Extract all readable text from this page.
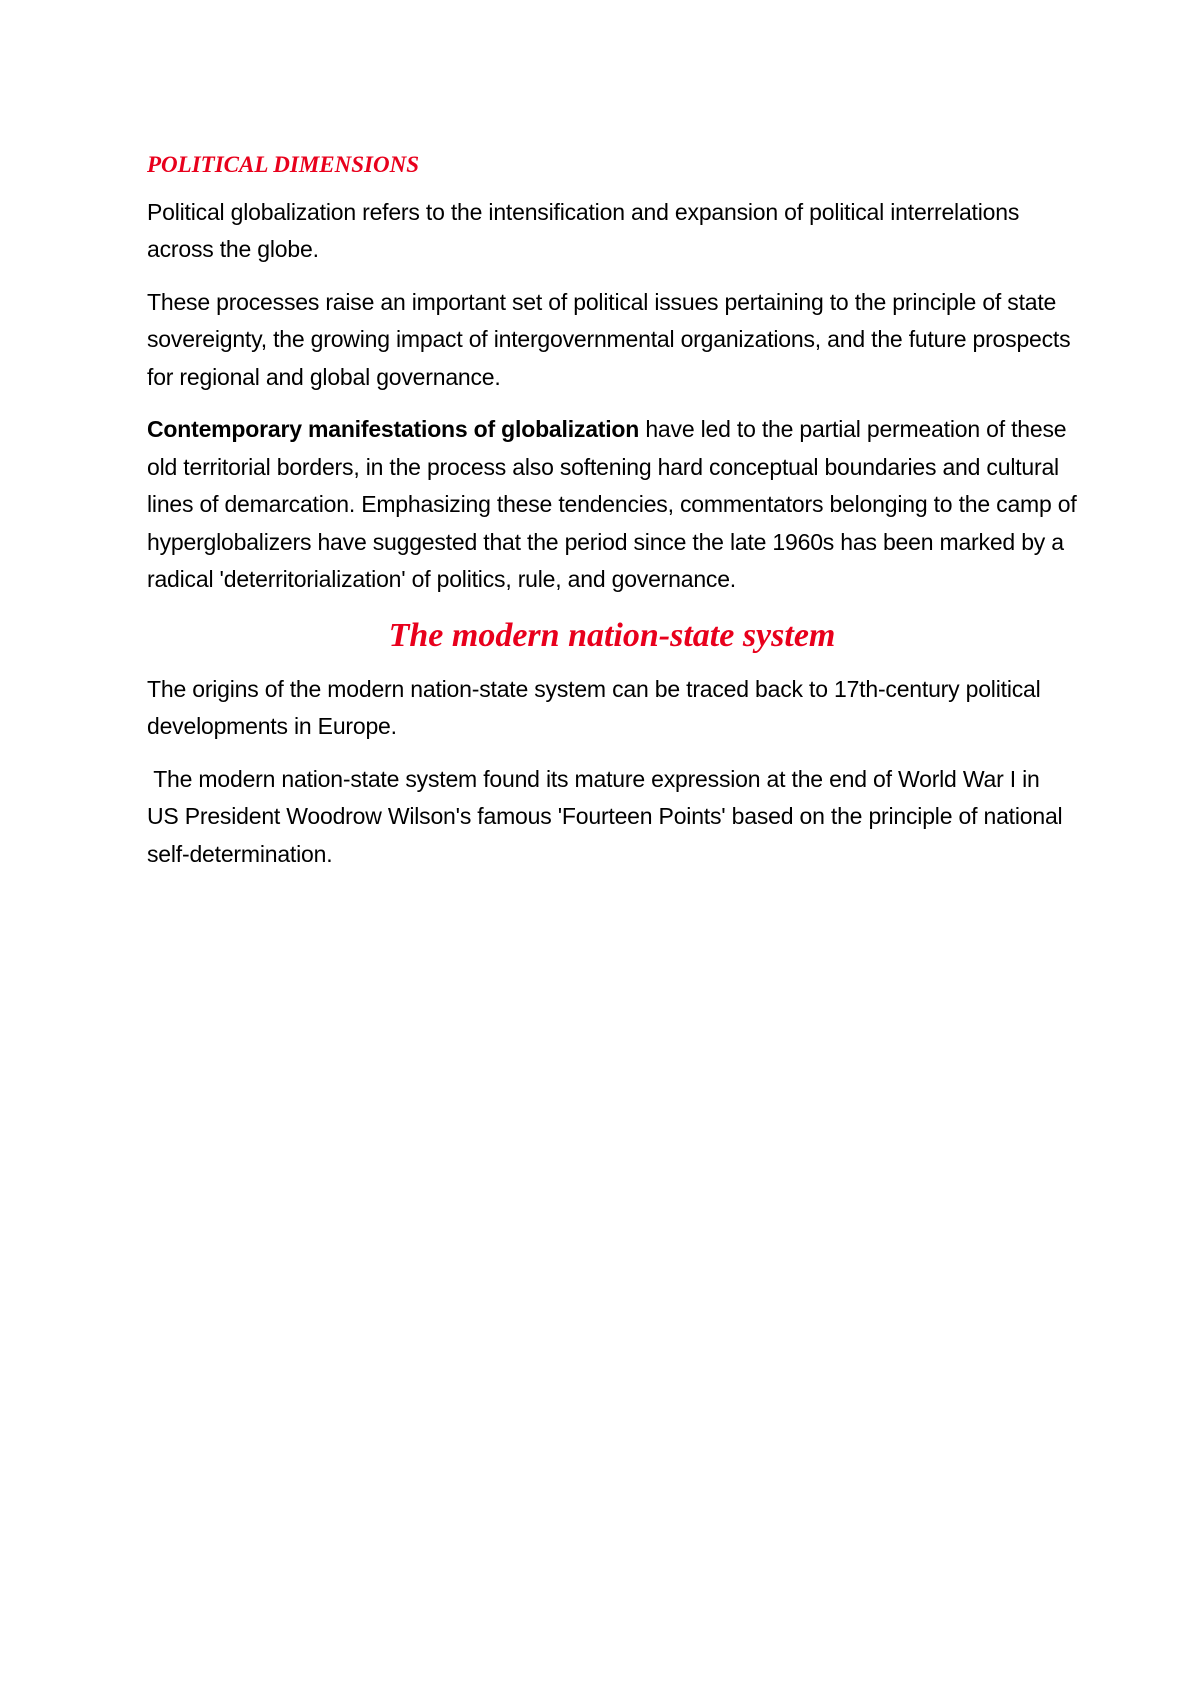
POLITICAL DIMENSIONS

Political globalization refers to the intensification and expansion of political interrelations across the globe.

These processes raise an important set of political issues pertaining to the principle of state sovereignty, the growing impact of intergovernmental organizations, and the future prospects for regional and global governance.

Contemporary manifestations of globalization have led to the partial permeation of these old territorial borders, in the process also softening hard conceptual boundaries and cultural lines of demarcation. Emphasizing these tendencies, commentators belonging to the camp of hyperglobalizers have suggested that the period since the late 1960s has been marked by a radical 'deterritorialization' of politics, rule, and governance.

The modern nation-state system

The origins of the modern nation-state system can be traced back to 17th-century political developments in Europe.

The modern nation-state system found its mature expression at the end of World War I in US President Woodrow Wilson's famous 'Fourteen Points' based on the principle of national self-determination.
